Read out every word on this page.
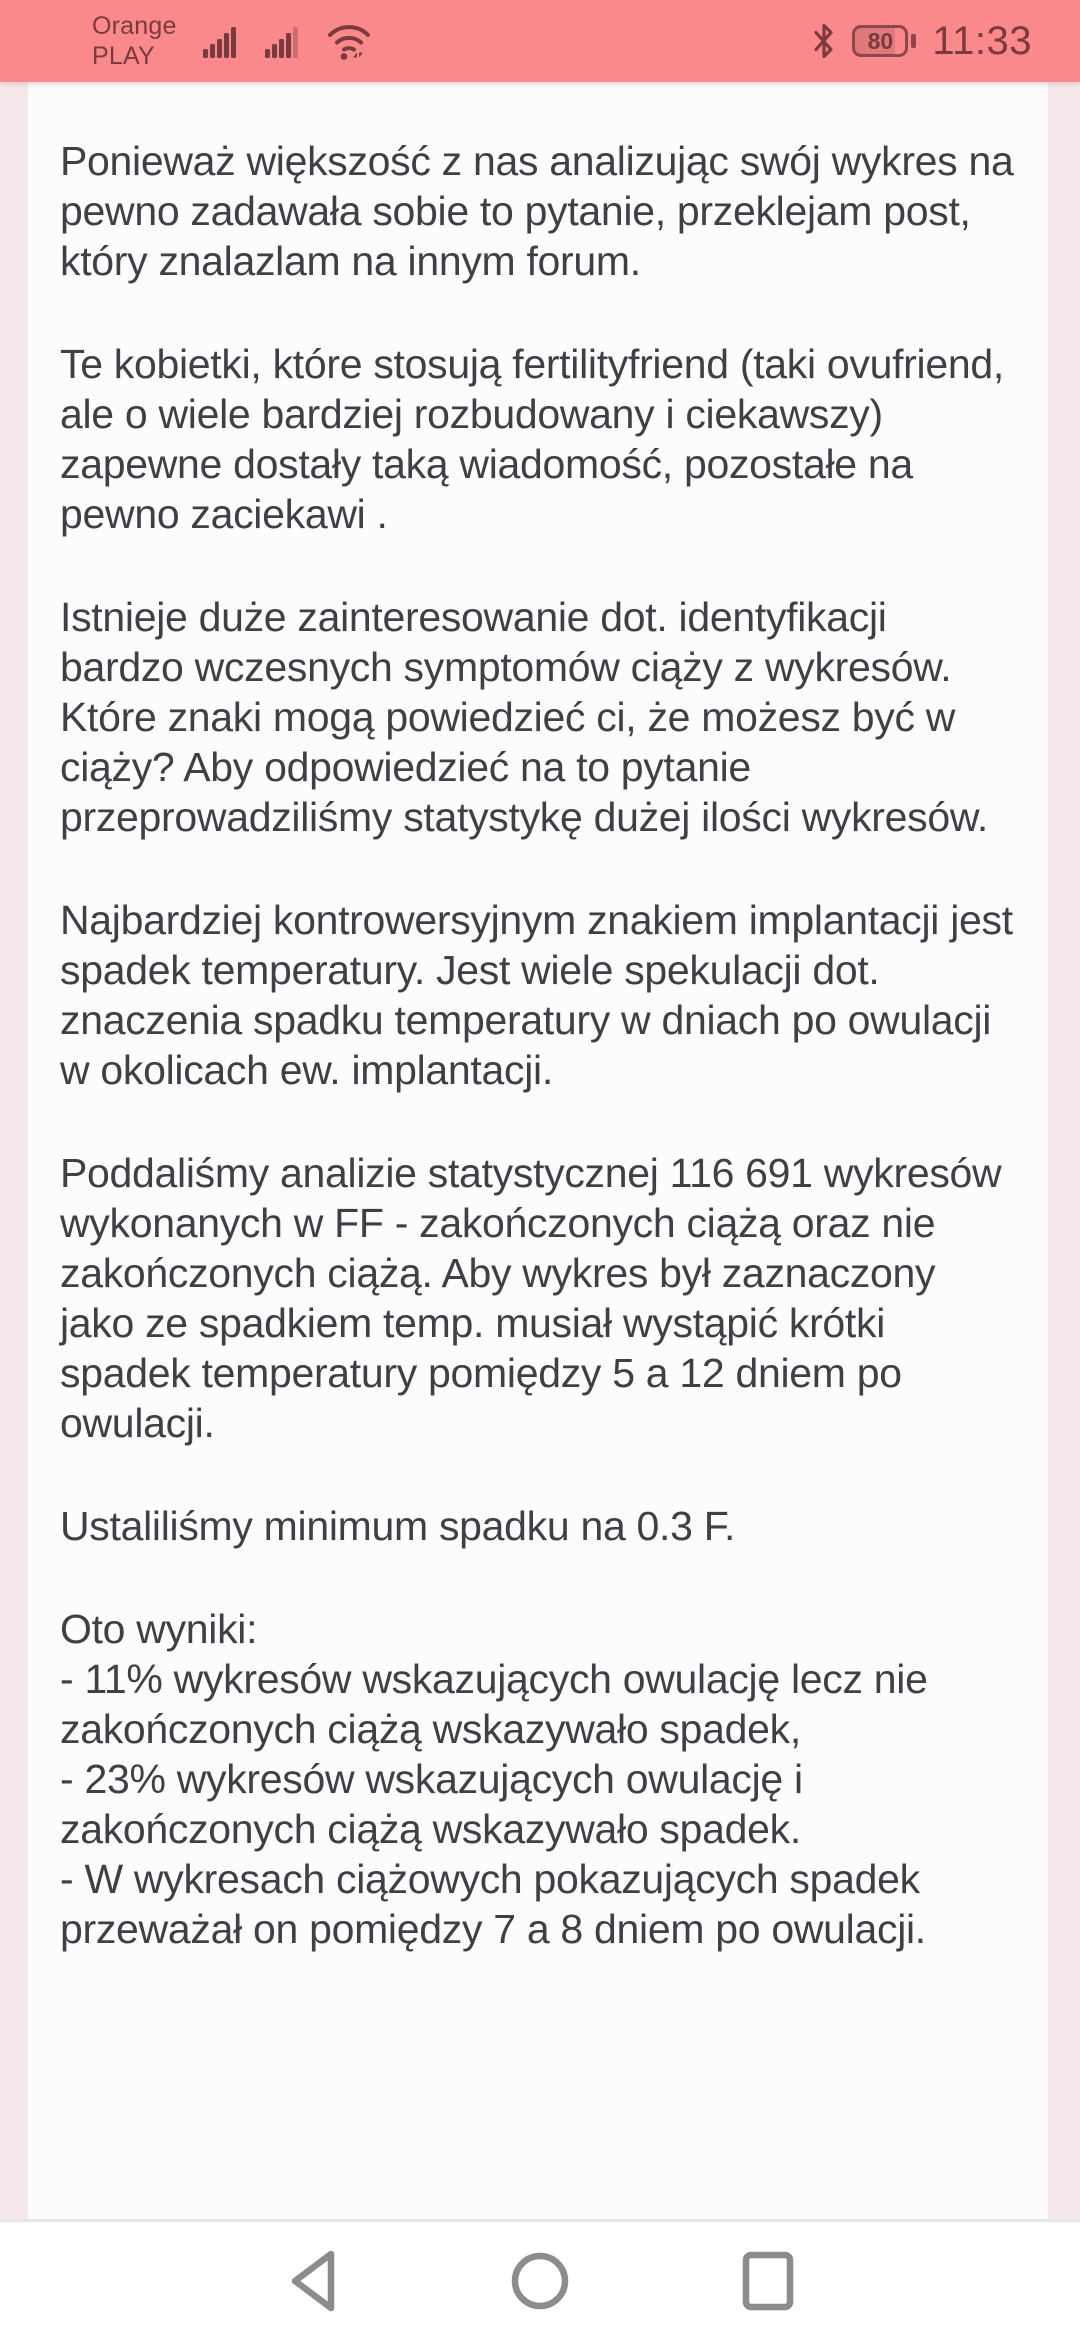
Orange
PLAY
80 11:33

Ponieważ większość z nas analizując swój wykres na pewno zadawała sobie to pytanie, przeklejam post, który znalazlam na innym forum.

Te kobietki, które stosują fertilityfriend (taki ovufriend, ale o wiele bardziej rozbudowany i ciekawszy) zapewne dostały taką wiadomość, pozostałe na pewno zaciekawi .

Istnieje duże zainteresowanie dot. identyfikacji bardzo wczesnych symptomów ciąży z wykresów. Które znaki mogą powiedzieć ci, że możesz być w ciąży? Aby odpowiedzieć na to pytanie przeprowadziliśmy statystykę dużej ilości wykresów.

Najbardziej kontrowersyjnym znakiem implantacji jest spadek temperatury. Jest wiele spekulacji dot. znaczenia spadku temperatury w dniach po owulacji w okolicach ew. implantacji.

Poddaliśmy analizie statystycznej 116 691 wykresów wykonanych w FF - zakończonych ciążą oraz nie zakończonych ciążą. Aby wykres był zaznaczony jako ze spadkiem temp. musiał wystąpić krótki spadek temperatury pomiędzy 5 a 12 dniem po owulacji.

Ustaliliśmy minimum spadku na 0.3 F.

Oto wyniki:
- 11% wykresów wskazujących owulację lecz nie zakończonych ciążą wskazywało spadek,
- 23% wykresów wskazujących owulację i zakończonych ciążą wskazywało spadek.
- W wykresach ciążowych pokazujących spadek przeważał on pomiędzy 7 a 8 dniem po owulacji.
